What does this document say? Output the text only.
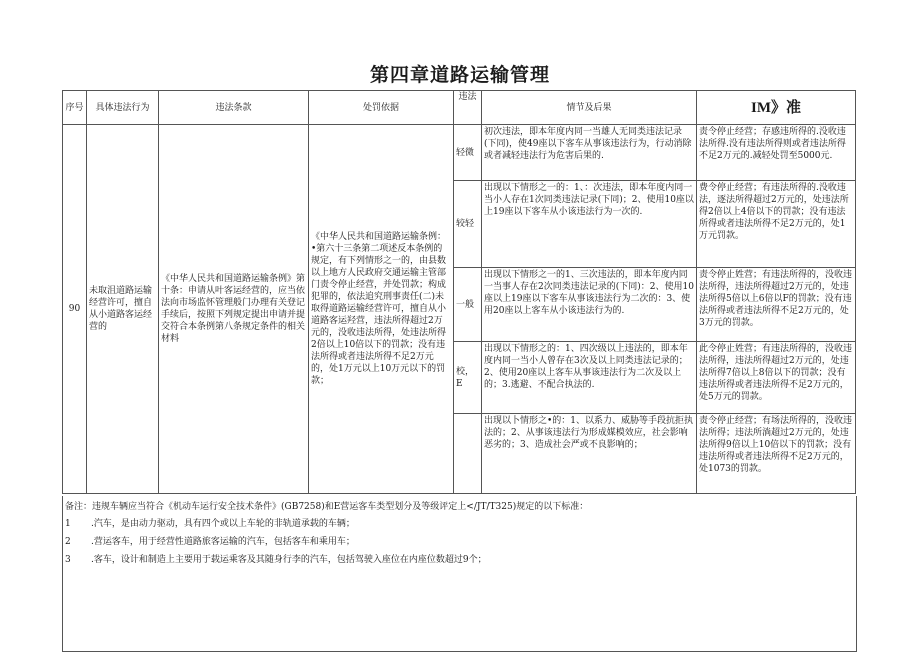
第四章道路运输管理
序号	具体违法行为	违法条款	处罚依据	违法	情节及后果	IM》准
90	未取沮道路运输经营许可，擅自从小道路客运经营的	《中华人民共和国道路运输条例》第十条：申请从叶客运经营的，应当依法向市场监怀管理般门办理有关登记手续后，按照下列规定提出申请并提交符合本条例第八条规定条件的相关材料	《中华人民共和国道路运输条例：•第六十三条第二项述反本条例的规定，有下列情形之一的，由县数以上地方人民政府交通运输主管部门责令停止经营，并处罚款；构成犯罪的，依法追究刑事责任(二)未取得道路运输经营许可，擅自从小道路客运羟营，违法所得超过2万元的，没收违法所得，处违法所得2倍以上10倍以下的罚款；没有违法所得或者违法所得不足2万元的，处1万元以上10万元以下的罚款；	轻微	初次违法，即本年度内同一当雄人无同类违法记录(下同)，使49座以下客车从事该违法行为，行动消除或者减轻违法行为危害后果的.	责令停止经营；存感违所得的.没收违法所得.没有违法所得则或者违法所得不足2万元的.减轻处罚至5000元.
				较轻	出现以下情形之一的：1、：次违法，即本年度内同一当小人存在1次同类违法记录(下同)；2、使用10座以上19座以下客车从小该违法行为一次的.	费令停止经营；有违法所得的.没收违法，逐法所得超过2万元的，处违法所得2倍以上4倍以下的罚款；没有违法所得或者违法所得不足2万元的，处1万元罚款。
				一般	出现以下情形之一的1、三次违法的，即本年度内同一当事人存在2次同类违法记录的(下同)：2、使用10座以上19座以下客车从事该违法行为二次的：3、使用20座以上客车从小该违法行为的.	责令停止姓营；有违法所得的，没收违法所得，违法所得超过2万元的，处违法所得5倍以上6倍以F的罚款；没有违法所得或者违法所得不足2万元的，处3万元的罚款。
				校，E	出现以下情形之的：1、四次级以上违法的，即本年度内同一当小人曾存在3次及以上同类违法记录的；2、使用20座以上客车从事该违法行为二次及以上的；3.逃避、不配合执法的.	此令停止姓营；有违法所得的，没收违法所得，违法所得超过2万元的，处违法所得7倍以上8倍以下的罚款；没有违法所得或者违法所得不足2万元的，处5万元的罚款。
					出现以卜情形之•的：1、以系力、威胁等手段抗拒执法的；2、从事该违法行为形成媒模效应，社会影响恶劣的；3、造成社会严或不良影响的；	责令停止经营；有场法所得的，没收违法所得；违法所淌超过2万元的，处违法所得9倍以上10倍以下的罚款；没有违法所得或者违法所得不足2万元的，处1073的罚款。
备注：违规车辆应当符合《机动车运行安全技术条件》(GB7258)和E营运客车类型划分及等级评定上</JT/T325)规定的以下标准：
1 .汽车，是由动力驱动，具有四个或以上车轮的非轨道承载的车辆；
2 .营运客车，用于经营性道路旅客运输的汽车，包括客车和乘用车；
3 .客车，设计和制造上主要用于载运乘客及其随身行李的汽车，包括驾驶入座位在内座位数超过9个；
